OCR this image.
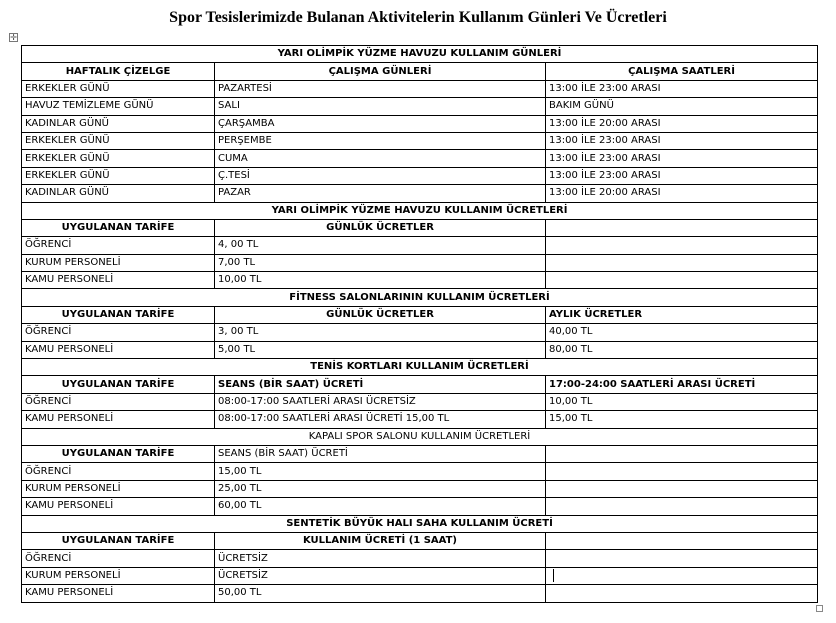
Spor Tesislerimizde Bulanan Aktivitelerin Kullanım Günleri Ve Ücretleri
✛
YARI OLİMPİK YÜZME HAVUZU KULLANIM GÜNLERİ		
HAFTALIK ÇİZELGE	ÇALIŞMA GÜNLERİ	ÇALIŞMA SAATLERİ
ERKEKLER GÜNÜ	PAZARTESİ	13:00 İLE 23:00 ARASI
HAVUZ TEMİZLEME GÜNÜ	SALI	BAKIM GÜNÜ
KADINLAR GÜNÜ	ÇARŞAMBA	13:00 İLE 20:00 ARASI
ERKEKLER GÜNÜ	PERŞEMBE	13:00 İLE 23:00 ARASI
ERKEKLER GÜNÜ	CUMA	13:00 İLE 23:00 ARASI
ERKEKLER GÜNÜ	Ç.TESİ	13:00 İLE 23:00 ARASI
KADINLAR GÜNÜ	PAZAR	13:00 İLE 20:00 ARASI
YARI OLİMPİK YÜZME HAVUZU KULLANIM ÜCRETLERİ		
UYGULANAN TARİFE	GÜNLÜK ÜCRETLER	
ÖĞRENCİ	4, 00 TL	
KURUM PERSONELİ	7,00 TL	
KAMU PERSONELİ	10,00 TL	
FİTNESS SALONLARININ KULLANIM ÜCRETLERİ		
UYGULANAN TARİFE	GÜNLÜK ÜCRETLER	AYLIK ÜCRETLER
ÖĞRENCİ	3, 00 TL	40,00 TL
KAMU PERSONELİ	5,00 TL	80,00 TL
TENİS KORTLARI KULLANIM ÜCRETLERİ		
UYGULANAN TARİFE	SEANS (BİR SAAT) ÜCRETİ	17:00-24:00 SAATLERİ ARASI ÜCRETİ
ÖĞRENCİ	08:00-17:00 SAATLERİ ARASI ÜCRETSİZ	10,00 TL
KAMU PERSONELİ	08:00-17:00 SAATLERİ ARASI ÜCRETİ 15,00 TL	15,00 TL
KAPALI SPOR SALONU KULLANIM ÜCRETLERİ		
UYGULANAN TARİFE	SEANS (BİR SAAT) ÜCRETİ	
ÖĞRENCİ	15,00 TL	
KURUM PERSONELİ	25,00 TL	
KAMU PERSONELİ	60,00 TL	
SENTETİK BÜYÜK HALI SAHA KULLANIM ÜCRETİ		
UYGULANAN TARİFE	KULLANIM ÜCRETİ (1 SAAT)	
ÖĞRENCİ	ÜCRETSİZ	
KURUM PERSONELİ	ÜCRETSİZ	
KAMU PERSONELİ	50,00 TL	
